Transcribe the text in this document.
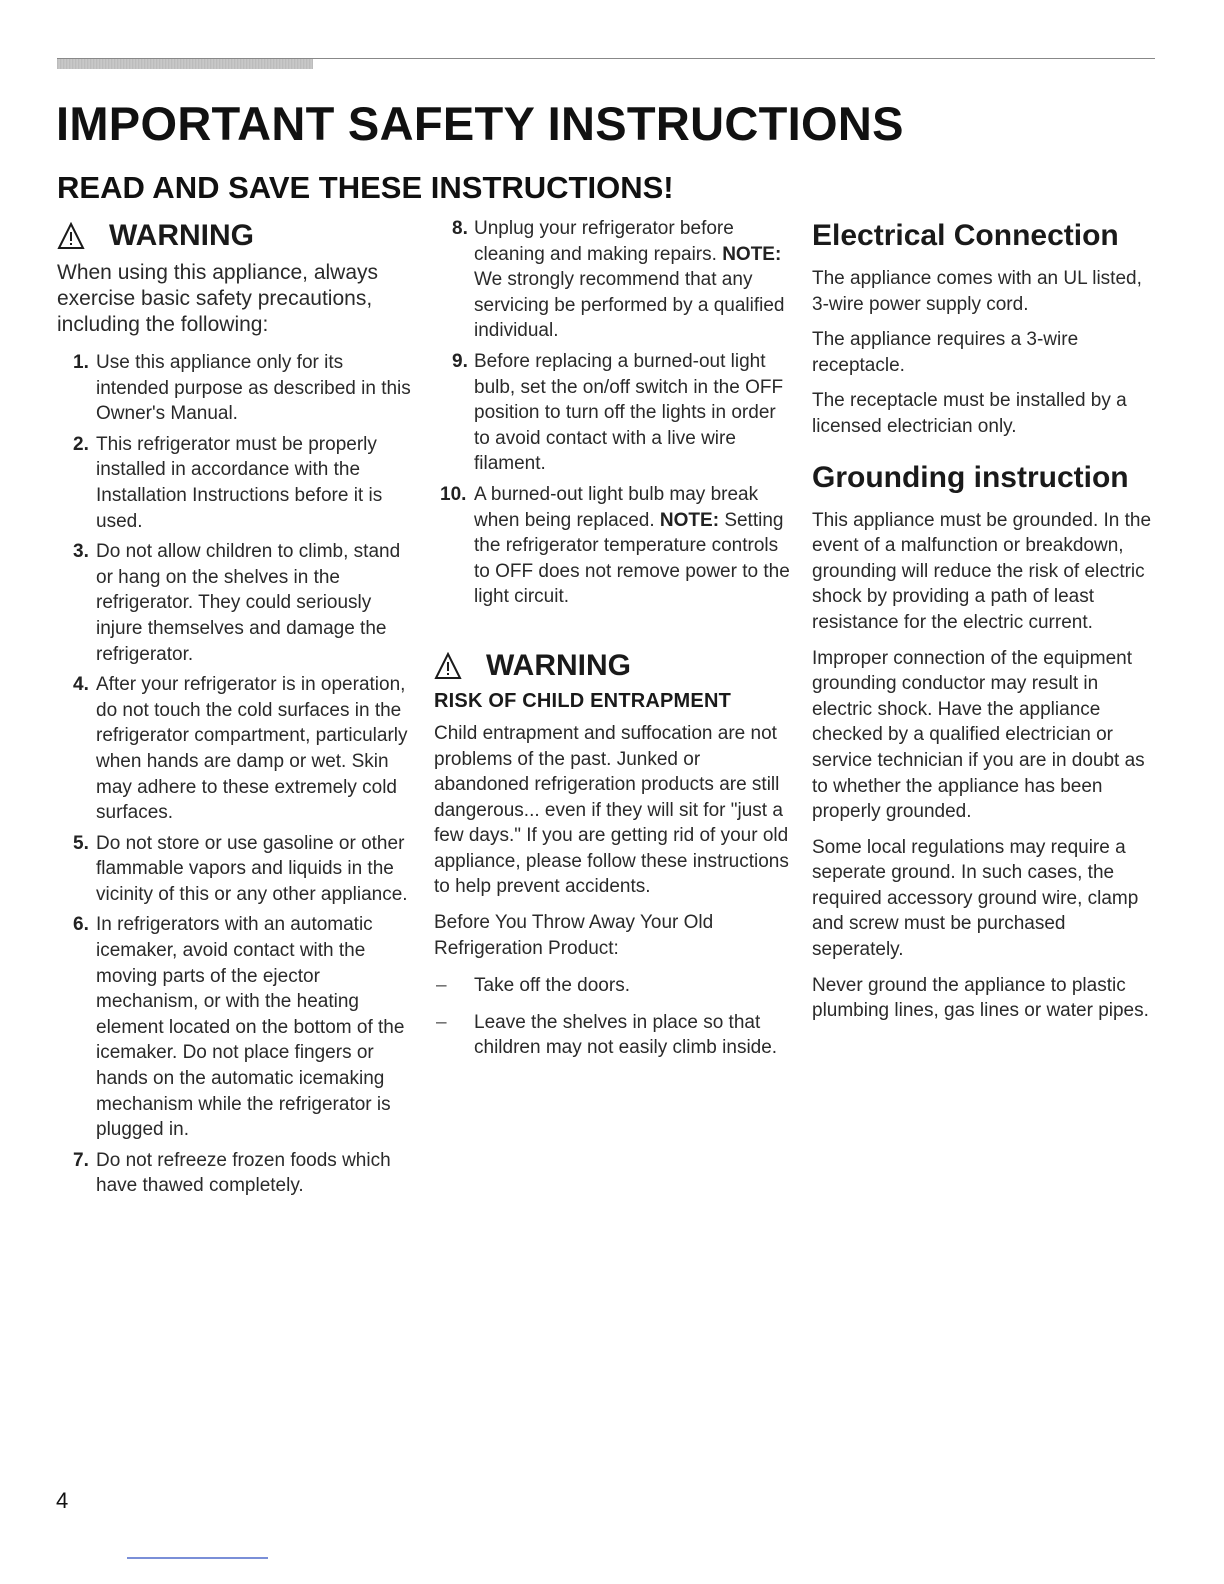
IMPORTANT SAFETY INSTRUCTIONS
READ AND SAVE THESE INSTRUCTIONS!
WARNING

When using this appliance, always exercise basic safety precautions, including the following:

1. Use this appliance only for its intended purpose as described in this Owner's Manual.
2. This refrigerator must be properly installed in accordance with the Installation Instructions before it is used.
3. Do not allow children to climb, stand or hang on the shelves in the refrigerator. They could seriously injure themselves and damage the refrigerator.
4. After your refrigerator is in operation, do not touch the cold surfaces in the refrigerator compartment, particularly when hands are damp or wet. Skin may adhere to these extremely cold surfaces.
5. Do not store or use gasoline or other flammable vapors and liquids in the vicinity of this or any other appliance.
6. In refrigerators with an automatic icemaker, avoid contact with the moving parts of the ejector mechanism, or with the heating element located on the bottom of the icemaker. Do not place fingers or hands on the automatic icemaking mechanism while the refrigerator is plugged in.
7. Do not refreeze frozen foods which have thawed completely.
8. Unplug your refrigerator before cleaning and making repairs. NOTE: We strongly recommend that any servicing be performed by a qualified individual.
9. Before replacing a burned-out light bulb, set the on/off switch in the OFF position to turn off the lights in order to avoid contact with a live wire filament.
10. A burned-out light bulb may break when being replaced. NOTE: Setting the refrigerator temperature controls to OFF does not remove power to the light circuit.
WARNING
RISK OF CHILD ENTRAPMENT

Child entrapment and suffocation are not problems of the past. Junked or abandoned refrigeration products are still dangerous... even if they will sit for "just a few days." If you are getting rid of your old appliance, please follow these instructions to help prevent accidents.

Before You Throw Away Your Old Refrigeration Product:

– Take off the doors.
– Leave the shelves in place so that children may not easily climb inside.
Electrical Connection

The appliance comes with an UL listed, 3-wire power supply cord.

The appliance requires a 3-wire receptacle.

The receptacle must be installed by a licensed electrician only.

Grounding instruction

This appliance must be grounded. In the event of a malfunction or breakdown, grounding will reduce the risk of electric shock by providing a path of least resistance for the electric current.

Improper connection of the equipment grounding conductor may result in electric shock. Have the appliance checked by a qualified electrician or service technician if you are in doubt as to whether the appliance has been properly grounded.

Some local regulations may require a seperate ground. In such cases, the required accessory ground wire, clamp and screw must be purchased seperately.

Never ground the appliance to plastic plumbing lines, gas lines or water pipes.

4
